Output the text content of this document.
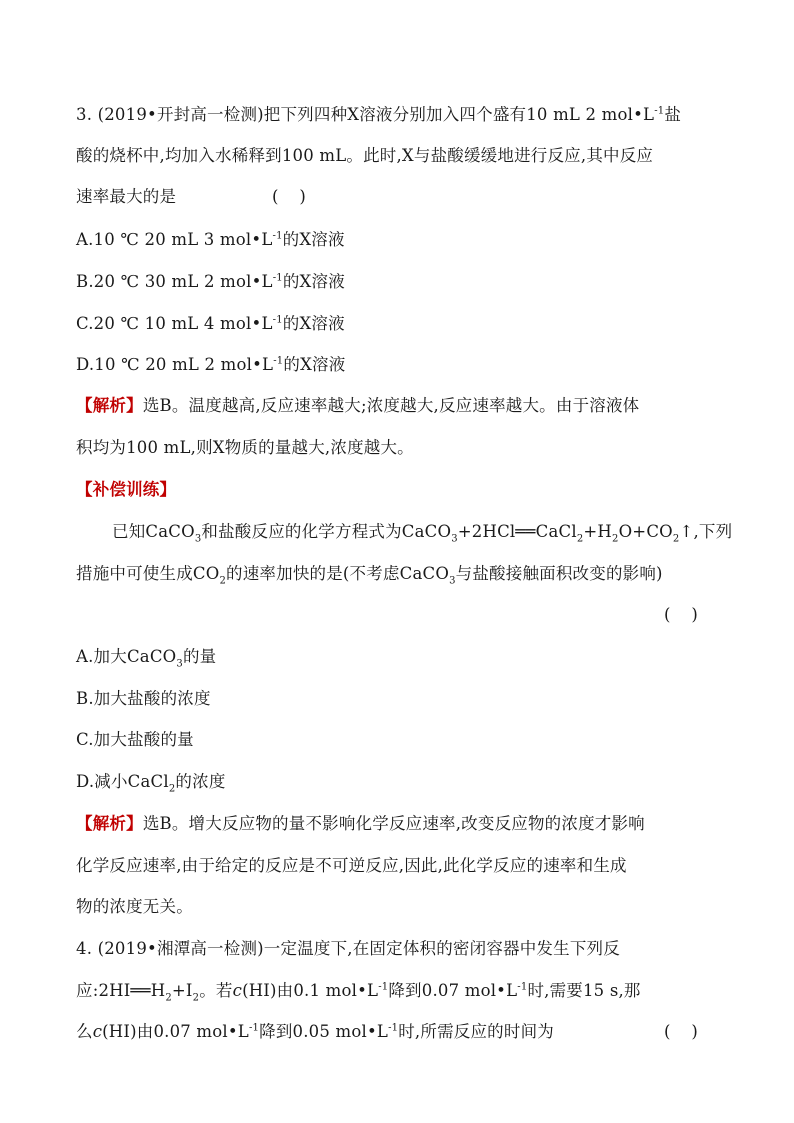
3. (2019•开封高一检测)把下列四种X溶液分别加入四个盛有10 mL 2 $mol•L^{-1}$盐
酸的烧杯中,均加入水稀释到100 mL。此时,X与盐酸缓缓地进行反应,其中反应
速率最大的是	(    )
A.10 ℃ 20 mL 3 $mol•L^{-1}$的X溶液
B.20 ℃ 30 mL 2 $mol•L^{-1}$的X溶液
C.20 ℃ 10 mL 4 $mol•L^{-1}$的X溶液
D.10 ℃ 20 mL 2 $mol•L^{-1}$的X溶液
【解析】选B。温度越高,反应速率越大;浓度越大,反应速率越大。由于溶液体
积均为100 mL,则X物质的量越大,浓度越大。
【补偿训练】
已知CaCO$_3$和盐酸反应的化学方程式为$CaCO_3+2HCl══CaCl_2+H_2O+CO_2↑$,下列
措施中可使生成$CO_2$的速率加快的是(不考虑CaCO$_3$与盐酸接触面积改变的影响)
(    )
A.加大CaCO$_3$的量
B.加大盐酸的浓度
C.加大盐酸的量
D.减小CaCl$_2$的浓度
【解析】选B。增大反应物的量不影响化学反应速率,改变反应物的浓度才影响
化学反应速率,由于给定的反应是不可逆反应,因此,此化学反应的速率和生成
物的浓度无关。
4. (2019•湘潭高一检测)一定温度下,在固定体积的密闭容器中发生下列反
应$:2HI══H_2+I_2$。若c(HI)由0.1 $mol•L^{-1}$降到0.07 $mol•L^{-1}$时,需要15 s,那
么c(HI)由0.07 $mol•L^{-1}$降到0.05 $mol•L^{-1}$时,所需反应的时间为	(    )
